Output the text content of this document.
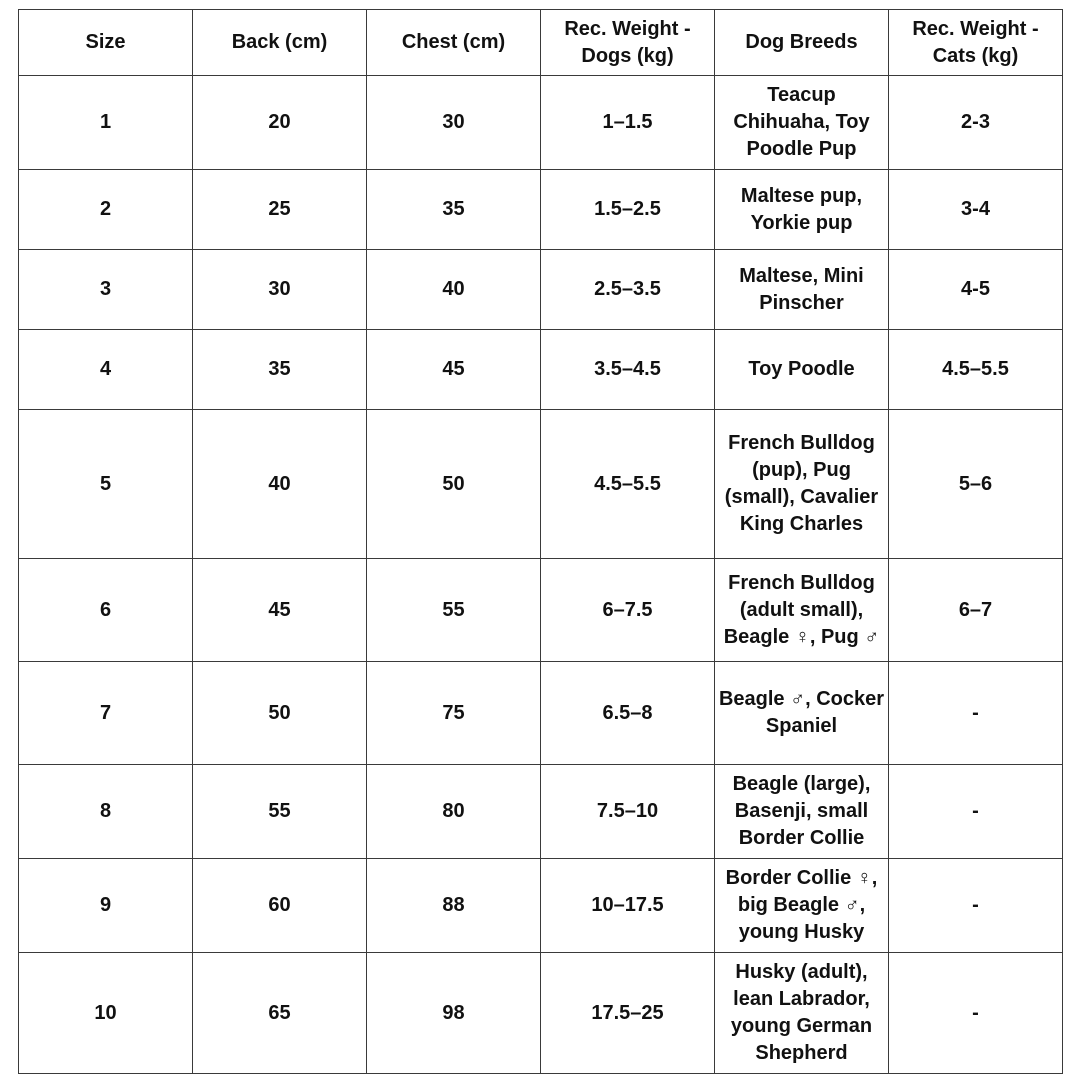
Size	Back (cm)	Chest (cm)	Rec. Weight - Dogs (kg)	Dog Breeds	Rec. Weight - Cats (kg)
1	20	30	1–1.5	Teacup Chihuaha, Toy Poodle Pup	2-3
2	25	35	1.5–2.5	Maltese pup, Yorkie pup	3-4
3	30	40	2.5–3.5	Maltese, Mini Pinscher	4-5
4	35	45	3.5–4.5	Toy Poodle	4.5–5.5
5	40	50	4.5–5.5	French Bulldog (pup), Pug (small), Cavalier King Charles	5–6
6	45	55	6–7.5	French Bulldog (adult small), Beagle ♀, Pug ♂	6–7
7	50	75	6.5–8	Beagle ♂, Cocker Spaniel	-
8	55	80	7.5–10	Beagle (large), Basenji, small Border Collie	-
9	60	88	10–17.5	Border Collie ♀, big Beagle ♂, young Husky	-
10	65	98	17.5–25	Husky (adult), lean Labrador, young German Shepherd	-
